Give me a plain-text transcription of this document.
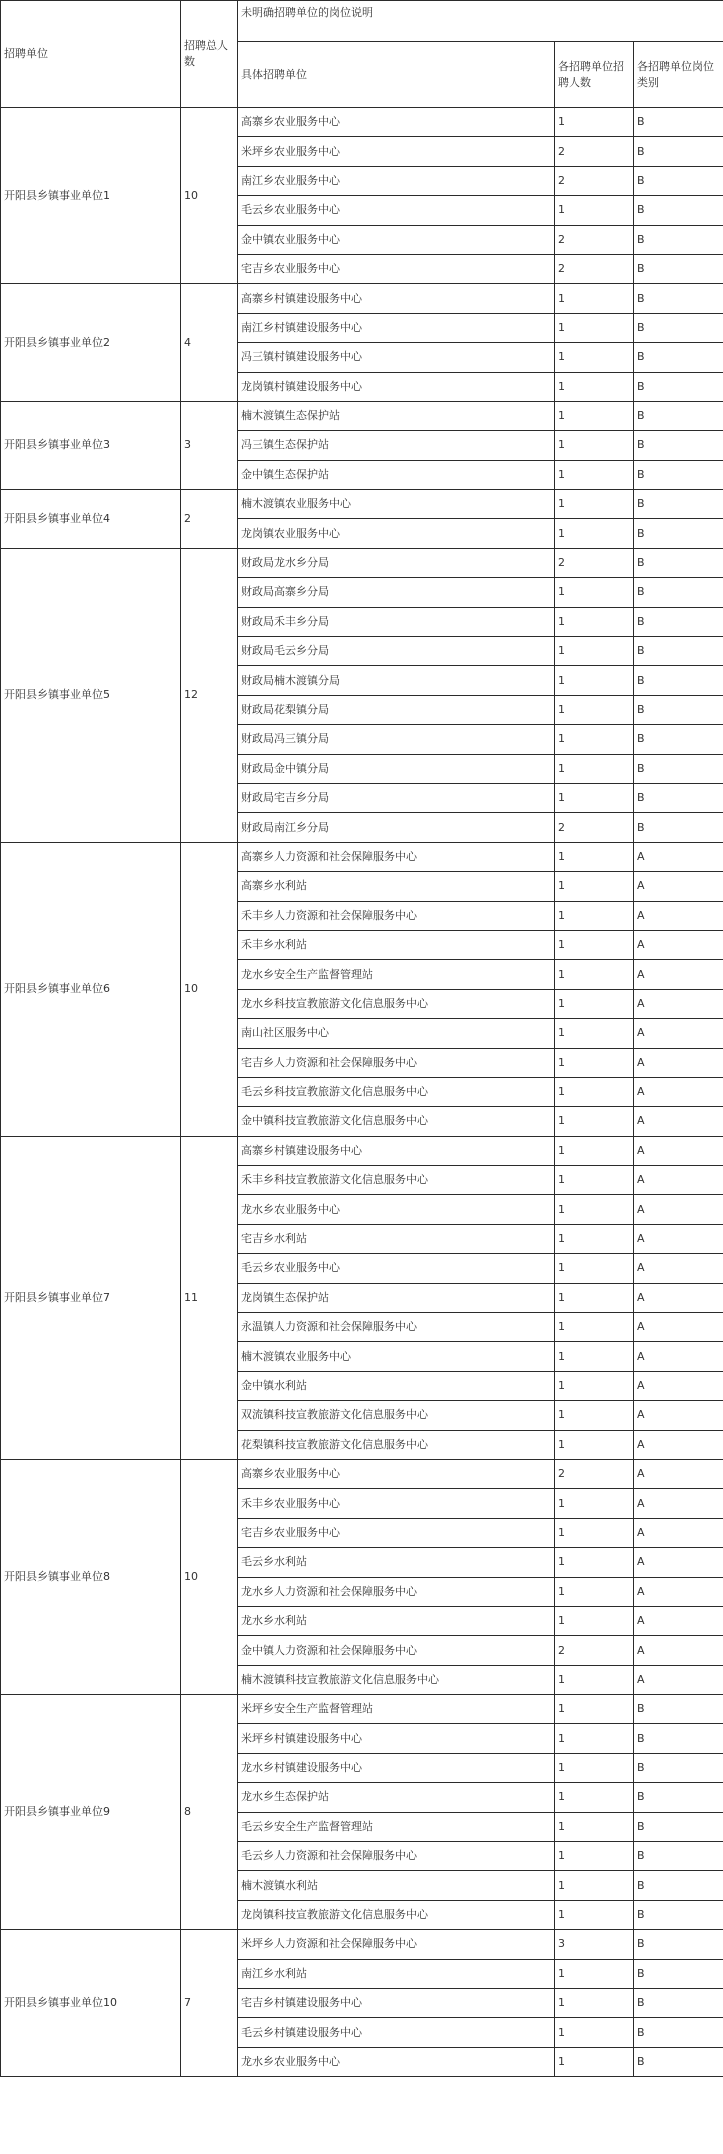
招聘单位	招聘总人数	未明确招聘单位的岗位说明		
		具体招聘单位	各招聘单位招聘人数	各招聘单位岗位类别
开阳县乡镇事业单位1	10	高寨乡农业服务中心	1	B
		米坪乡农业服务中心	2	B
		南江乡农业服务中心	2	B
		毛云乡农业服务中心	1	B
		金中镇农业服务中心	2	B
		宅吉乡农业服务中心	2	B
开阳县乡镇事业单位2	4	高寨乡村镇建设服务中心	1	B
		南江乡村镇建设服务中心	1	B
		冯三镇村镇建设服务中心	1	B
		龙岗镇村镇建设服务中心	1	B
开阳县乡镇事业单位3	3	楠木渡镇生态保护站	1	B
		冯三镇生态保护站	1	B
		金中镇生态保护站	1	B
开阳县乡镇事业单位4	2	楠木渡镇农业服务中心	1	B
		龙岗镇农业服务中心	1	B
开阳县乡镇事业单位5	12	财政局龙水乡分局	2	B
		财政局高寨乡分局	1	B
		财政局禾丰乡分局	1	B
		财政局毛云乡分局	1	B
		财政局楠木渡镇分局	1	B
		财政局花梨镇分局	1	B
		财政局冯三镇分局	1	B
		财政局金中镇分局	1	B
		财政局宅吉乡分局	1	B
		财政局南江乡分局	2	B
开阳县乡镇事业单位6	10	高寨乡人力资源和社会保障服务中心	1	A
		高寨乡水利站	1	A
		禾丰乡人力资源和社会保障服务中心	1	A
		禾丰乡水利站	1	A
		龙水乡安全生产监督管理站	1	A
		龙水乡科技宣教旅游文化信息服务中心	1	A
		南山社区服务中心	1	A
		宅吉乡人力资源和社会保障服务中心	1	A
		毛云乡科技宣教旅游文化信息服务中心	1	A
		金中镇科技宣教旅游文化信息服务中心	1	A
开阳县乡镇事业单位7	11	高寨乡村镇建设服务中心	1	A
		禾丰乡科技宣教旅游文化信息服务中心	1	A
		龙水乡农业服务中心	1	A
		宅吉乡水利站	1	A
		毛云乡农业服务中心	1	A
		龙岗镇生态保护站	1	A
		永温镇人力资源和社会保障服务中心	1	A
		楠木渡镇农业服务中心	1	A
		金中镇水利站	1	A
		双流镇科技宣教旅游文化信息服务中心	1	A
		花梨镇科技宣教旅游文化信息服务中心	1	A
开阳县乡镇事业单位8	10	高寨乡农业服务中心	2	A
		禾丰乡农业服务中心	1	A
		宅吉乡农业服务中心	1	A
		毛云乡水利站	1	A
		龙水乡人力资源和社会保障服务中心	1	A
		龙水乡水利站	1	A
		金中镇人力资源和社会保障服务中心	2	A
		楠木渡镇科技宣教旅游文化信息服务中心	1	A
开阳县乡镇事业单位9	8	米坪乡安全生产监督管理站	1	B
		米坪乡村镇建设服务中心	1	B
		龙水乡村镇建设服务中心	1	B
		龙水乡生态保护站	1	B
		毛云乡安全生产监督管理站	1	B
		毛云乡人力资源和社会保障服务中心	1	B
		楠木渡镇水利站	1	B
		龙岗镇科技宣教旅游文化信息服务中心	1	B
开阳县乡镇事业单位10	7	米坪乡人力资源和社会保障服务中心	3	B
		南江乡水利站	1	B
		宅吉乡村镇建设服务中心	1	B
		毛云乡村镇建设服务中心	1	B
		龙水乡农业服务中心	1	B
